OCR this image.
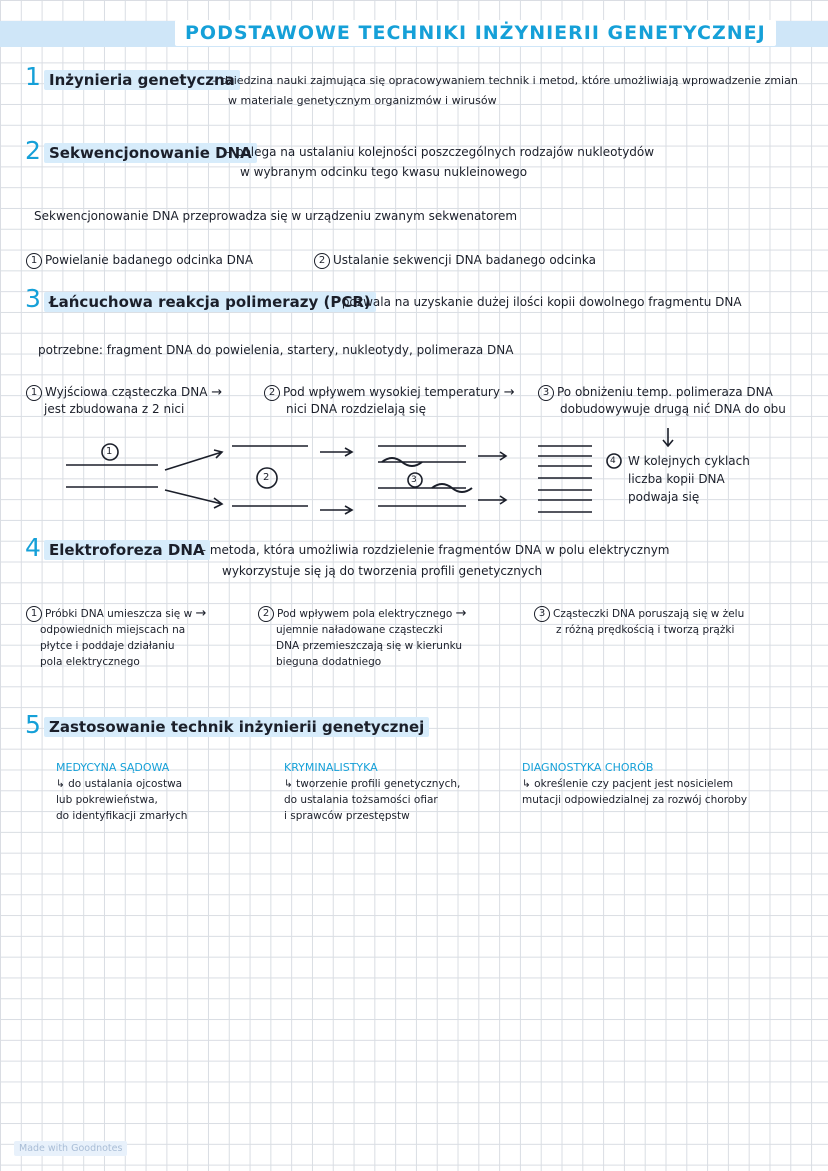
PODSTAWOWE TECHNIKI INŻYNIERII GENETYCZNEJ
1 Inżynieria genetyczna
– dziedzina nauki zajmująca się opracowywaniem technik i metod, które umożliwiają wprowadzenie zmian
w materiale genetycznym organizmów i wirusów
2 Sekwencjonowanie DNA
– polega na ustalaniu kolejności poszczególnych rodzajów nukleotydów
w wybranym odcinku tego kwasu nukleinowego
Sekwencjonowanie DNA przeprowadza się w urządzeniu zwanym sekwenatorem
1 Powielanie badanego odcinka DNA	2 Ustalanie sekwencji DNA badanego odcinka
3 Łańcuchowa reakcja polimerazy (PCR)
– pozwala na uzyskanie dużej ilości kopii dowolnego fragmentu DNA
potrzebne: fragment DNA do powielenia, startery, nukleotydy, polimeraza DNA
1 Wyjściowa cząsteczka DNA →
jest zbudowana z 2 nici
2 Pod wpływem wysokiej temperatury →
nici DNA rozdzielają się
3 Po obniżeniu temp. polimeraza DNA
dobudowywuje drugą nić DNA do obu
1
2	3
4 W kolejnych cyklach
liczba kopii DNA
podwaja się
4 Elektroforeza DNA
– metoda, która umożliwia rozdzielenie fragmentów DNA w polu elektrycznym
wykorzystuje się ją do tworzenia profili genetycznych
1 Próbki DNA umieszcza się w →
odpowiednich miejscach na
płytce i poddaje działaniu
pola elektrycznego
2 Pod wpływem pola elektrycznego →
ujemnie naładowane cząsteczki
DNA przemieszczają się w kierunku
bieguna dodatniego
3 Cząsteczki DNA poruszają się w żelu
z różną prędkością i tworzą prążki
5 Zastosowanie technik inżynierii genetycznej
MEDYCYNA SĄDOWA
↳ do ustalania ojcostwa
lub pokrewieństwa,
do identyfikacji zmarłych
KRYMINALISTYKA
↳ tworzenie profili genetycznych,
do ustalania tożsamości ofiar
i sprawców przestępstw
DIAGNOSTYKA CHORÓB
↳ określenie czy pacjent jest nosicielem
mutacji odpowiedzialnej za rozwój choroby
Made with Goodnotes
